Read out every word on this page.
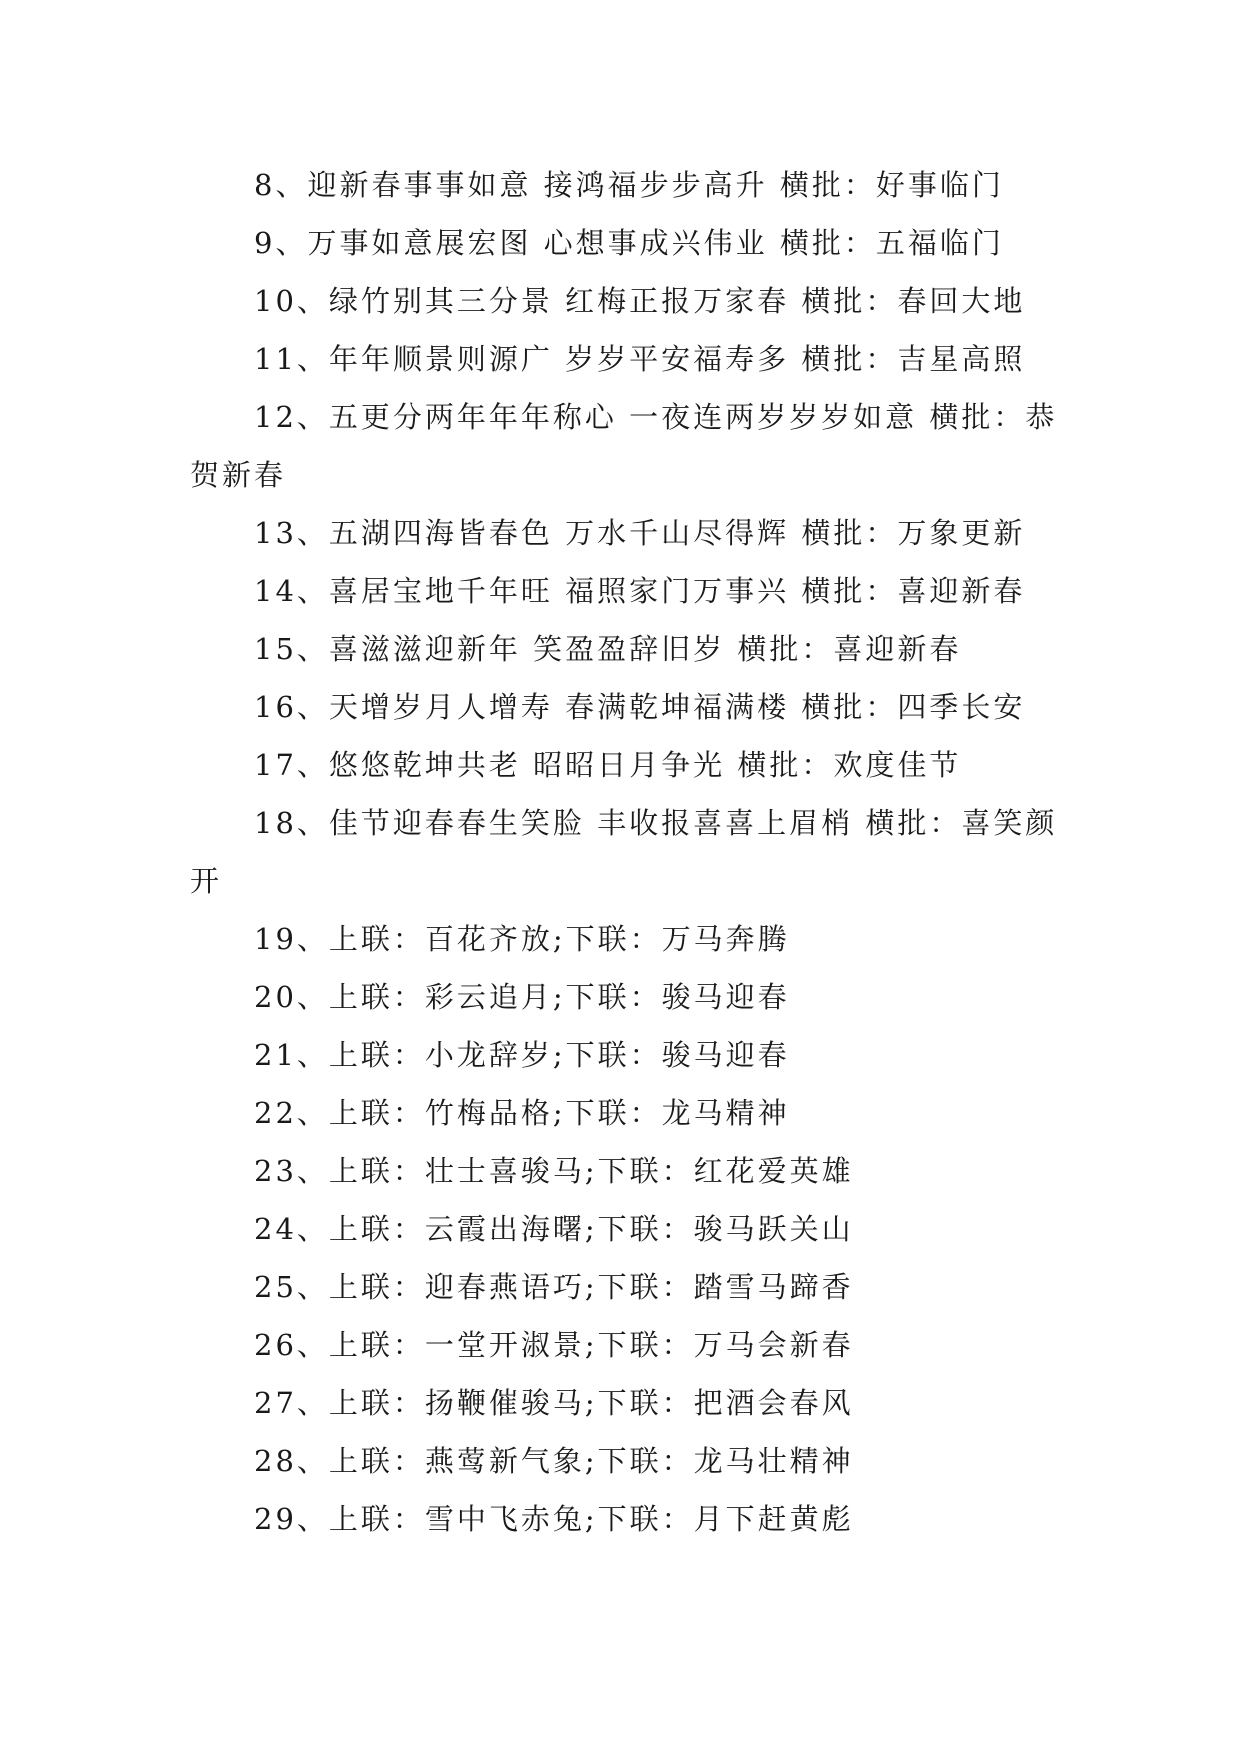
8、迎新春事事如意 接鸿福步步高升 横批：好事临门

9、万事如意展宏图 心想事成兴伟业 横批：五福临门

10、绿竹别其三分景 红梅正报万家春 横批：春回大地

11、年年顺景则源广 岁岁平安福寿多 横批：吉星高照

12、五更分两年年年称心 一夜连两岁岁岁如意 横批：恭贺新春

13、五湖四海皆春色 万水千山尽得辉 横批：万象更新

14、喜居宝地千年旺 福照家门万事兴 横批：喜迎新春

15、喜滋滋迎新年 笑盈盈辞旧岁 横批：喜迎新春

16、天增岁月人增寿 春满乾坤福满楼 横批：四季长安

17、悠悠乾坤共老 昭昭日月争光 横批：欢度佳节

18、佳节迎春春生笑脸 丰收报喜喜上眉梢 横批：喜笑颜开

19、上联：百花齐放;下联：万马奔腾

20、上联：彩云追月;下联：骏马迎春

21、上联：小龙辞岁;下联：骏马迎春

22、上联：竹梅品格;下联：龙马精神

23、上联：壮士喜骏马;下联：红花爱英雄

24、上联：云霞出海曙;下联：骏马跃关山

25、上联：迎春燕语巧;下联：踏雪马蹄香

26、上联：一堂开淑景;下联：万马会新春

27、上联：扬鞭催骏马;下联：把酒会春风

28、上联：燕莺新气象;下联：龙马壮精神

29、上联：雪中飞赤兔;下联：月下赶黄彪
